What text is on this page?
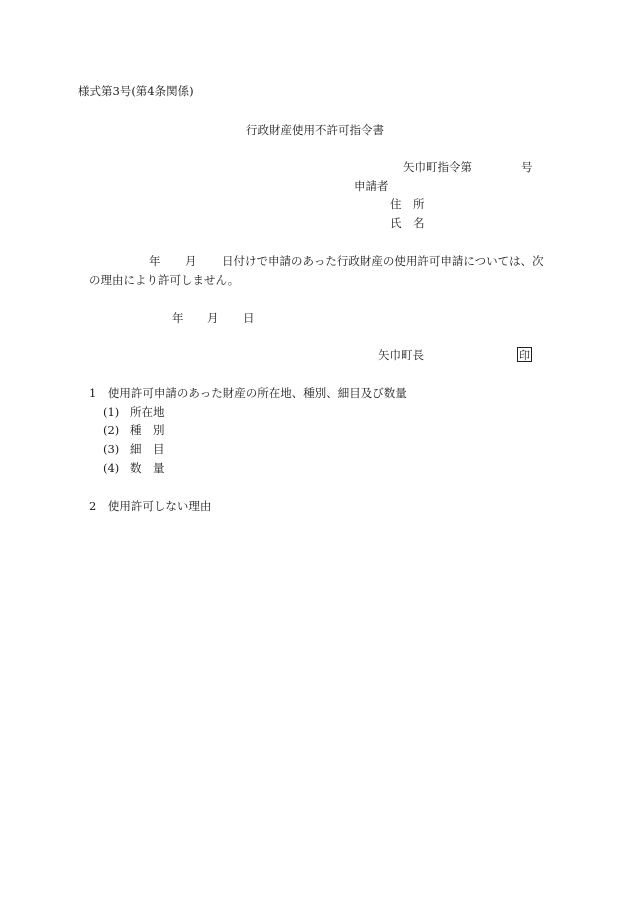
様式第3号(第4条関係)
行政財産使用不許可指令書
矢巾町指令第	号
申請者
住　所
氏　名
年 月 日付けで申請のあった行政財産の使用許可申請については、次
の理由により許可しません。
年 月 日
矢巾町長	印
1　使用許可申請のあった財産の所在地、種別、細目及び数量
(1) 所在地
(2) 種　別
(3) 細　目
(4) 数　量
2　使用許可しない理由
